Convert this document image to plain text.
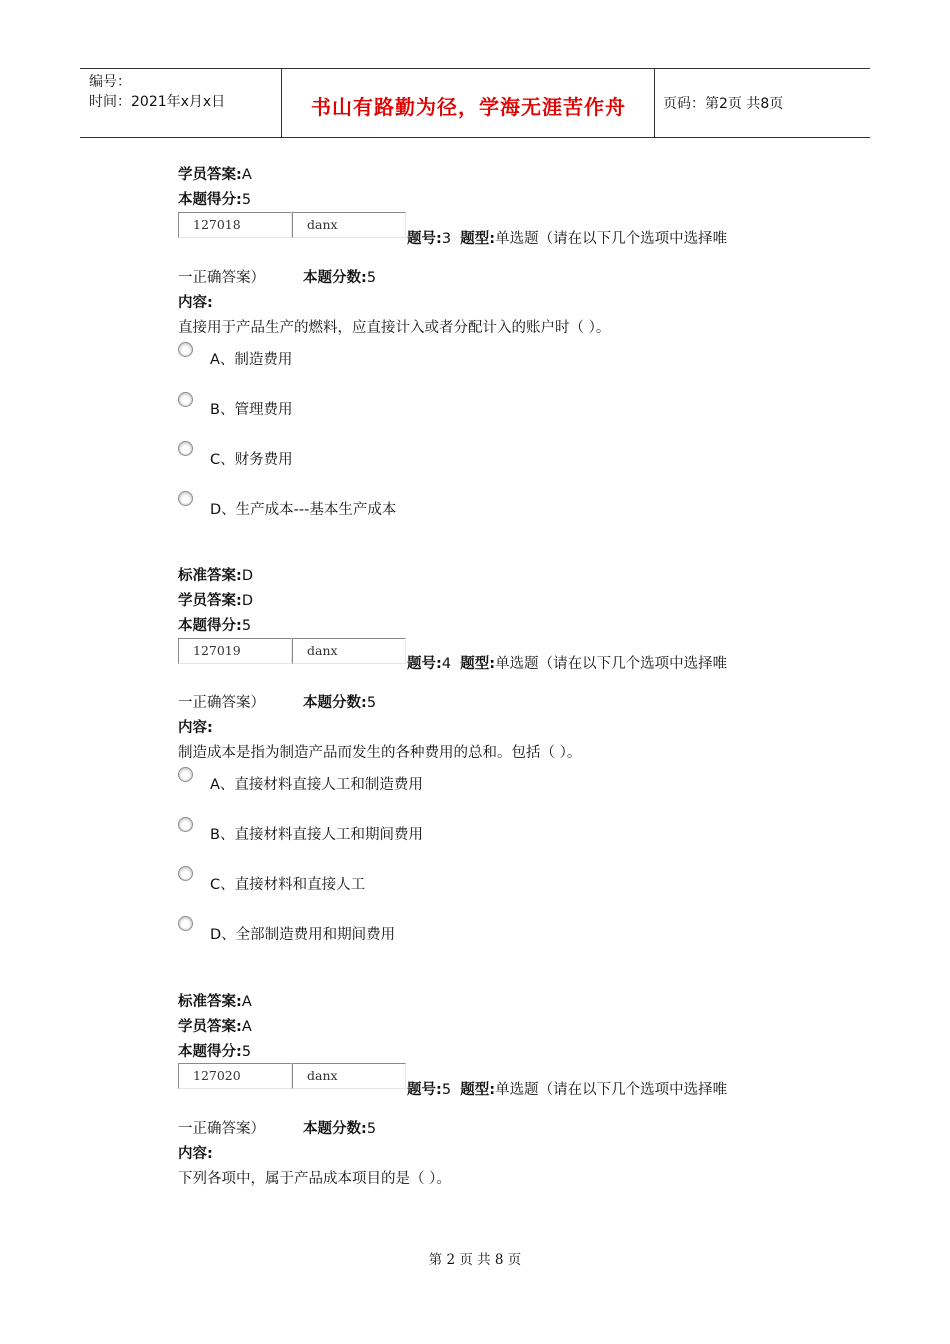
编号：
时间：2021年x月x日	书山有路勤为径，学海无涯苦作舟	页码：第2页 共8页
学员答案:A
本题得分:5
127018	danx
题号:3 题型:单选题（请在以下几个选项中选择唯
一正确答案）	本题分数:5
内容:
直接用于产品生产的燃料，应直接计入或者分配计入的账户时（ ）。
A、制造费用
B、管理费用
C、财务费用
D、生产成本---基本生产成本
标准答案:D
学员答案:D
本题得分:5
127019	danx
题号:4 题型:单选题（请在以下几个选项中选择唯
一正确答案）	本题分数:5
内容:
制造成本是指为制造产品而发生的各种费用的总和。包括（ ）。
A、直接材料直接人工和制造费用
B、直接材料直接人工和期间费用
C、直接材料和直接人工
D、全部制造费用和期间费用
标准答案:A
学员答案:A
本题得分:5
127020	danx
题号:5 题型:单选题（请在以下几个选项中选择唯
一正确答案）	本题分数:5
内容:
下列各项中，属于产品成本项目的是（ ）。
第 2 页 共 8 页
